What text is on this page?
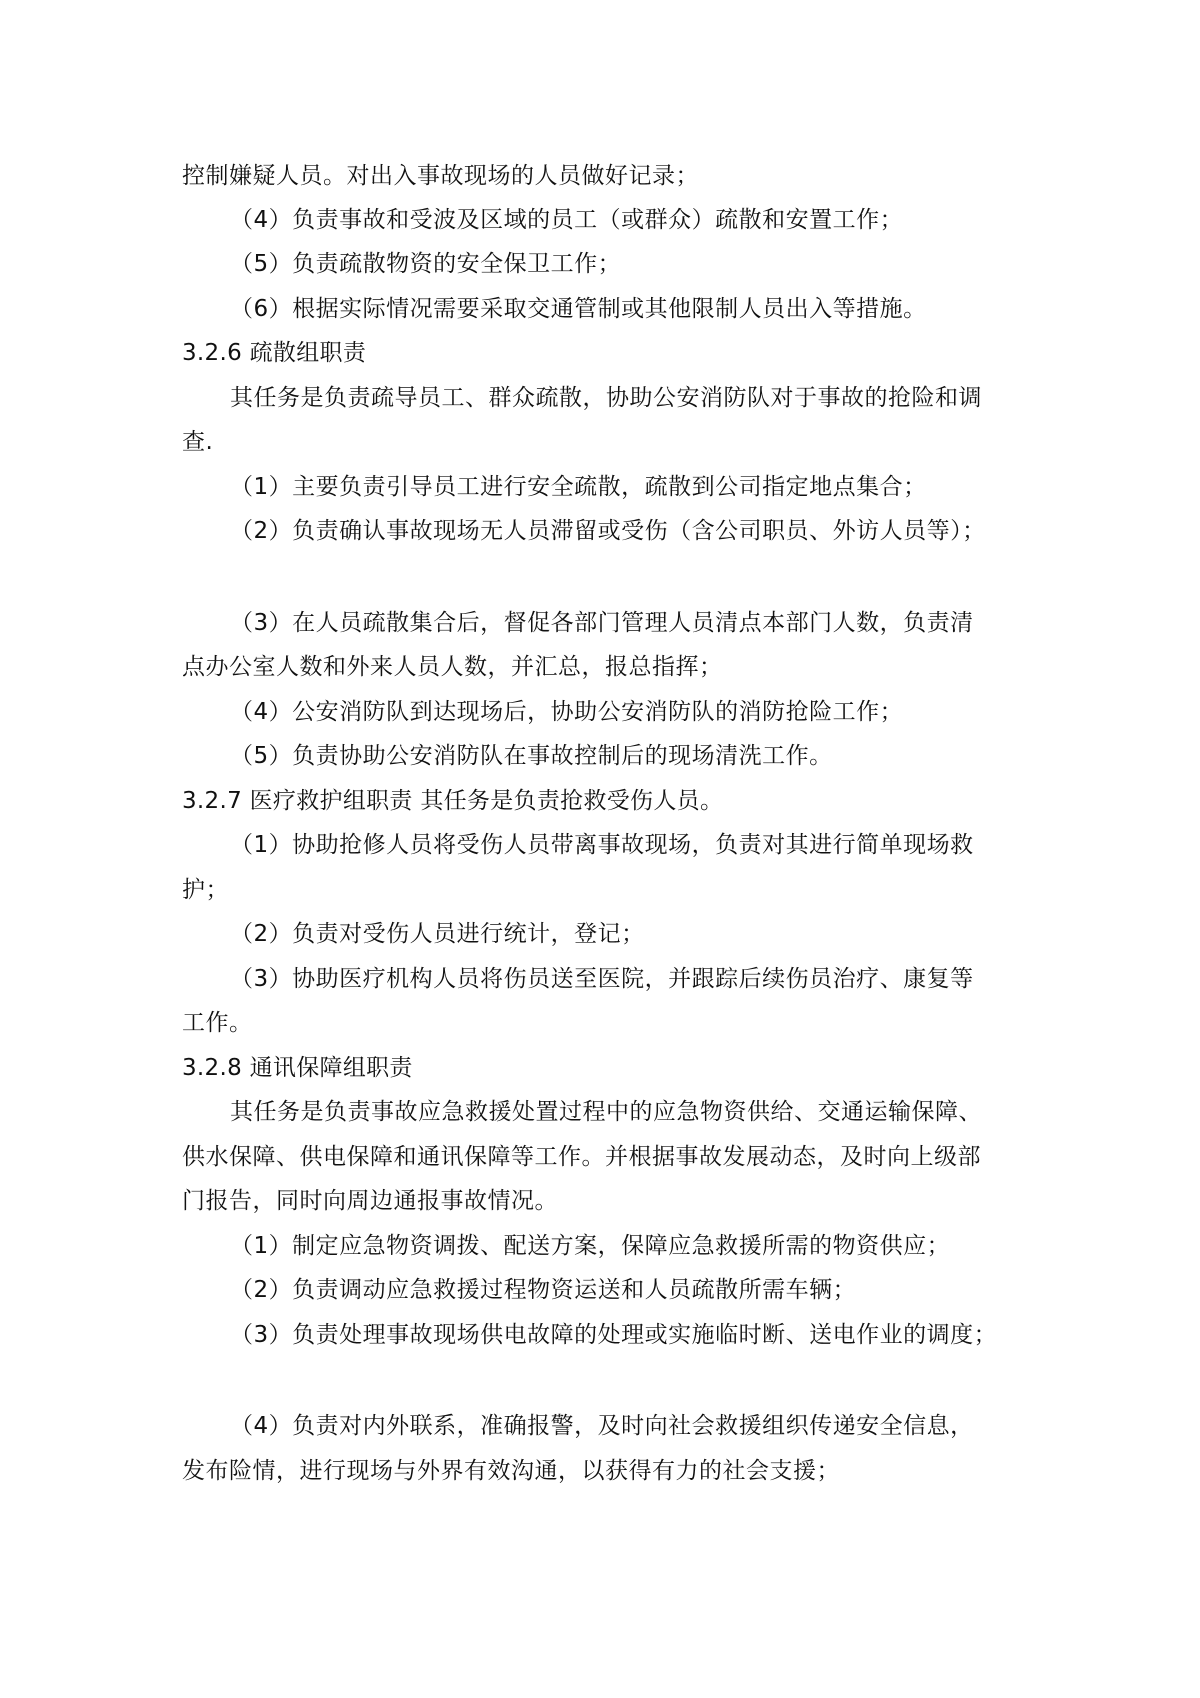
控制嫌疑人员。对出入事故现场的人员做好记录；
（4）负责事故和受波及区域的员工（或群众）疏散和安置工作；
（5）负责疏散物资的安全保卫工作；
（6）根据实际情况需要采取交通管制或其他限制人员出入等措施。
3.2.6 疏散组职责
其任务是负责疏导员工、群众疏散，协助公安消防队对于事故的抢险和调
查.
（1）主要负责引导员工进行安全疏散，疏散到公司指定地点集合；
（2）负责确认事故现场无人员滞留或受伤（含公司职员、外访人员等）；
（3）在人员疏散集合后，督促各部门管理人员清点本部门人数，负责清
点办公室人数和外来人员人数，并汇总，报总指挥；
（4）公安消防队到达现场后，协助公安消防队的消防抢险工作；
（5）负责协助公安消防队在事故控制后的现场清洗工作。
3.2.7 医疗救护组职责 其任务是负责抢救受伤人员。
（1）协助抢修人员将受伤人员带离事故现场，负责对其进行简单现场救
护；
（2）负责对受伤人员进行统计，登记；
（3）协助医疗机构人员将伤员送至医院，并跟踪后续伤员治疗、康复等
工作。
3.2.8 通讯保障组职责
其任务是负责事故应急救援处置过程中的应急物资供给、交通运输保障、
供水保障、供电保障和通讯保障等工作。并根据事故发展动态，及时向上级部
门报告，同时向周边通报事故情况。
（1）制定应急物资调拨、配送方案，保障应急救援所需的物资供应；
（2）负责调动应急救援过程物资运送和人员疏散所需车辆；
（3）负责处理事故现场供电故障的处理或实施临时断、送电作业的调度；
（4）负责对内外联系，准确报警，及时向社会救援组织传递安全信息，
发布险情，进行现场与外界有效沟通，以获得有力的社会支援；
